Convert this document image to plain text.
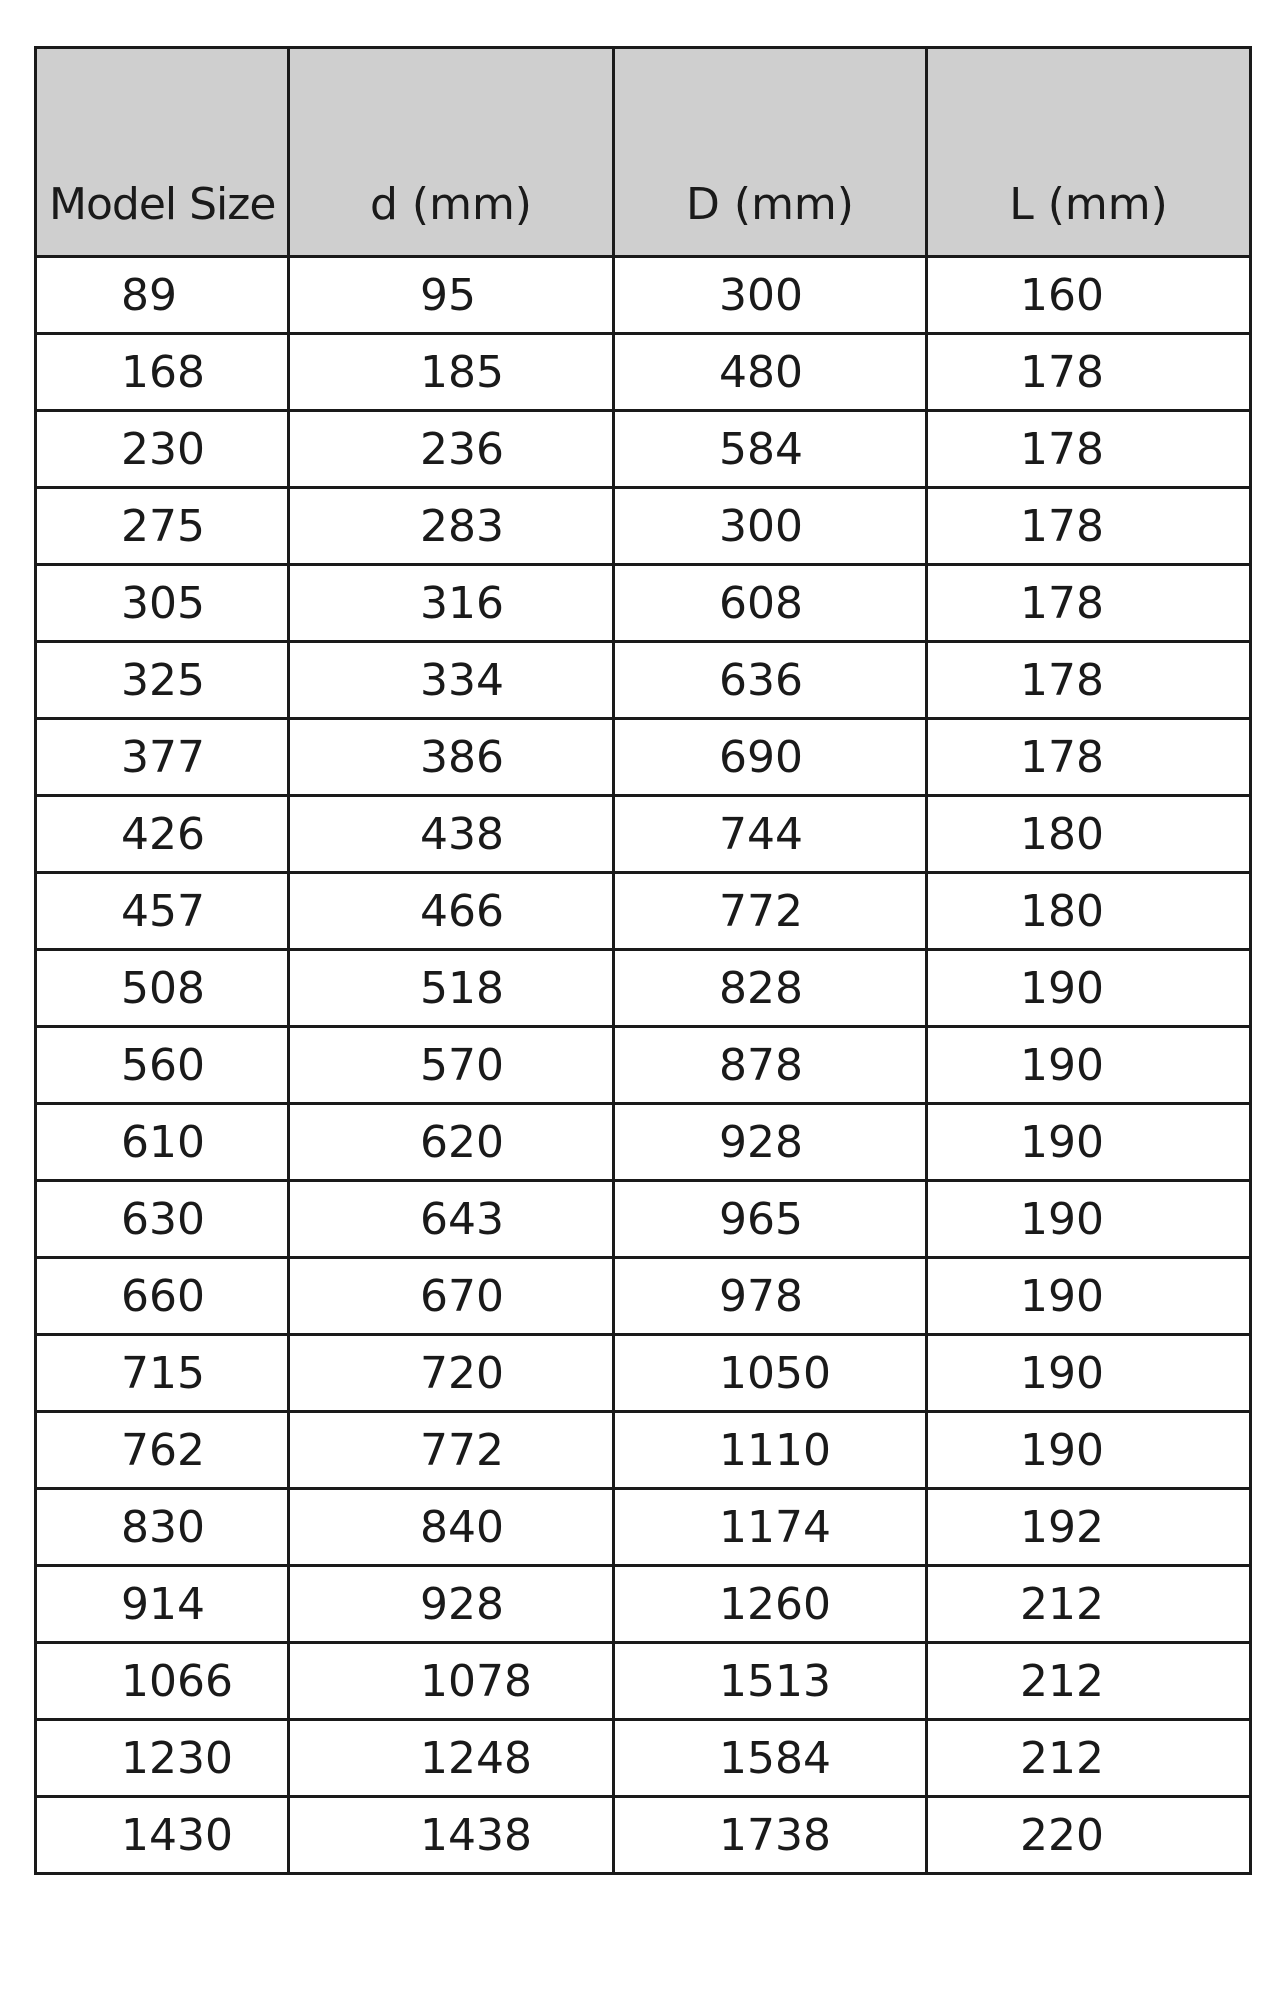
Model Size	d (mm)	D (mm)	L (mm)
89	95	300	160
168	185	480	178
230	236	584	178
275	283	300	178
305	316	608	178
325	334	636	178
377	386	690	178
426	438	744	180
457	466	772	180
508	518	828	190
560	570	878	190
610	620	928	190
630	643	965	190
660	670	978	190
715	720	1050	190
762	772	1110	190
830	840	1174	192
914	928	1260	212
1066	1078	1513	212
1230	1248	1584	212
1430	1438	1738	220
